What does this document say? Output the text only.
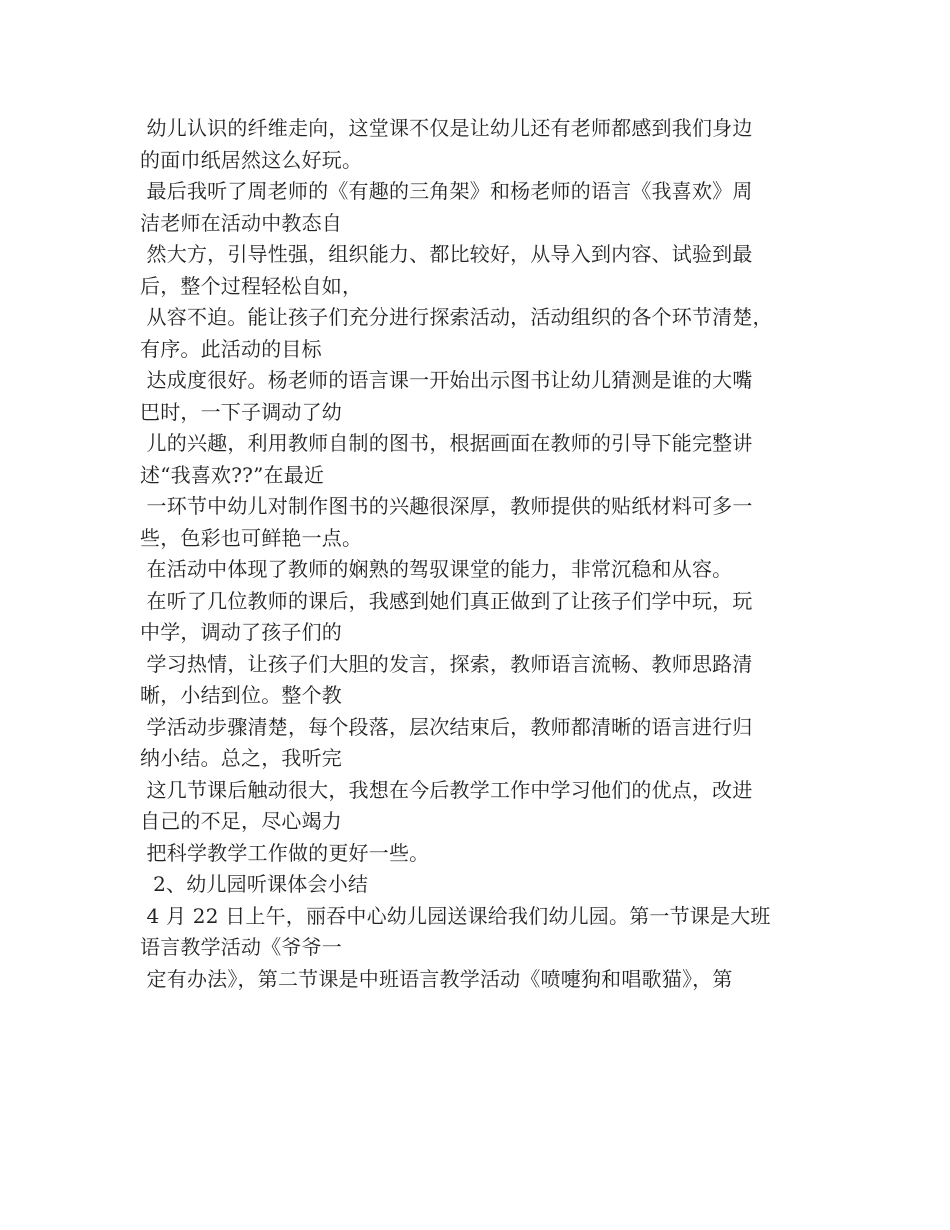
幼儿认识的纤维走向，这堂课不仅是让幼儿还有老师都感到我们身边
的面巾纸居然这么好玩。
最后我听了周老师的《有趣的三角架》和杨老师的语言《我喜欢》周
洁老师在活动中教态自
然大方，引导性强，组织能力、都比较好，从导入到内容、试验到最
后，整个过程轻松自如，
从容不迫。能让孩子们充分进行探索活动，活动组织的各个环节清楚，
有序。此活动的目标
达成度很好。杨老师的语言课一开始出示图书让幼儿猜测是谁的大嘴
巴时，一下子调动了幼
儿的兴趣，利用教师自制的图书，根据画面在教师的引导下能完整讲
述“我喜欢??”在最近
一环节中幼儿对制作图书的兴趣很深厚，教师提供的贴纸材料可多一
些，色彩也可鲜艳一点。
在活动中体现了教师的娴熟的驾驭课堂的能力，非常沉稳和从容。
在听了几位教师的课后，我感到她们真正做到了让孩子们学中玩，玩
中学，调动了孩子们的
学习热情，让孩子们大胆的发言，探索，教师语言流畅、教师思路清
晰，小结到位。整个教
学活动步骤清楚，每个段落，层次结束后，教师都清晰的语言进行归
纳小结。总之，我听完
这几节课后触动很大，我想在今后教学工作中学习他们的优点，改进
自己的不足，尽心竭力
把科学教学工作做的更好一些。
2、幼儿园听课体会小结
4 月 22 日上午，丽吞中心幼儿园送课给我们幼儿园。第一节课是大班
语言教学活动《爷爷一
定有办法》，第二节课是中班语言教学活动《喷嚏狗和唱歌猫》，第
